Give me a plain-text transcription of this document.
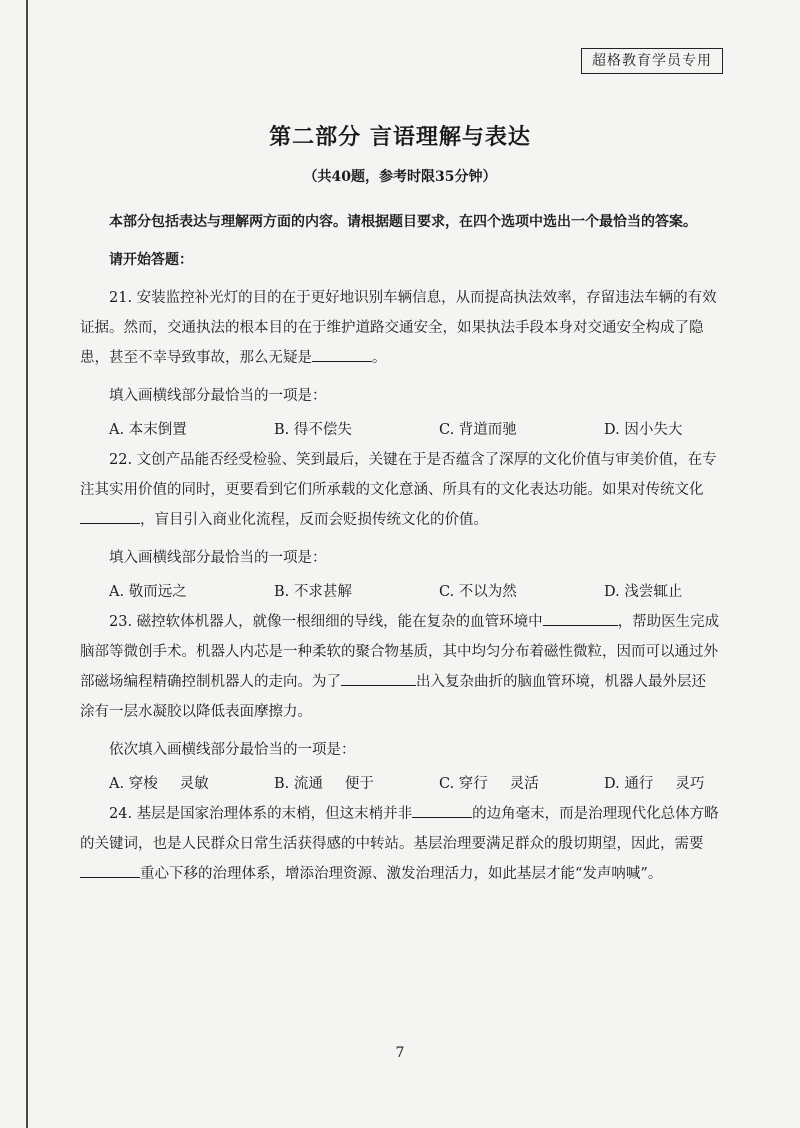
超格教育学员专用
第二部分 言语理解与表达
（共40题，参考时限35分钟）

本部分包括表达与理解两方面的内容。请根据题目要求，在四个选项中选出一个最恰当的答案。

请开始答题：

21. 安装监控补光灯的目的在于更好地识别车辆信息，从而提高执法效率，存留违法车辆的有效证据。然而，交通执法的根本目的在于维护道路交通安全，如果执法手段本身对交通安全构成了隐患，甚至不幸导致事故，那么无疑是	。

填入画横线部分最恰当的一项是：

A. 本末倒置	B. 得不偿失	C. 背道而驰	D. 因小失大

22. 文创产品能否经受检验、笑到最后，关键在于是否蕴含了深厚的文化价值与审美价值，在专注其实用价值的同时，更要看到它们所承载的文化意涵、所具有的文化表达功能。如果对传统文化，盲目引入商业化流程，反而会贬损传统文化的价值。

填入画横线部分最恰当的一项是：

A. 敬而远之	B. 不求甚解	C. 不以为然	D. 浅尝辄止

23. 磁控软体机器人，就像一根细细的导线，能在复杂的血管环境中	，帮助医生完成脑部等微创手术。机器人内芯是一种柔软的聚合物基质，其中均匀分布着磁性微粒，因而可以通过外部磁场编程精确控制机器人的走向。为了	出入复杂曲折的脑血管环境，机器人最外层还涂有一层水凝胶以降低表面摩擦力。

依次填入画横线部分最恰当的一项是：

A. 穿梭 灵敏	B. 流通 便于	C. 穿行 灵活	D. 通行 灵巧

24. 基层是国家治理体系的末梢，但这末梢并非	的边角毫末，而是治理现代化总体方略的关键词，也是人民群众日常生活获得感的中转站。基层治理要满足群众的殷切期望，因此，需要重心下移的治理体系，增添治理资源、激发治理活力，如此基层才能“发声呐喊”。

7
